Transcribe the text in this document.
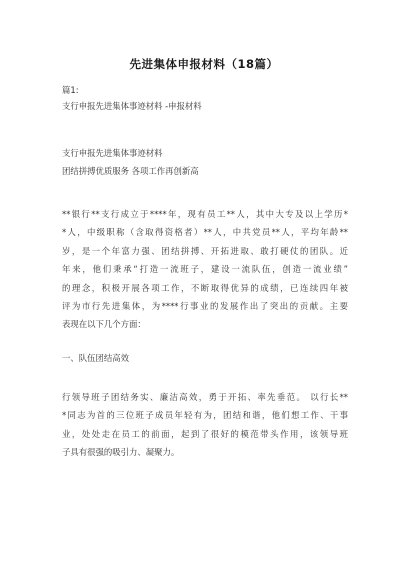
先进集体申报材料（18篇）
篇1:
支行申报先进集体事迹材料 -申报材料
支行申报先进集体事迹材料
团结拼搏优质服务 各项工作再创新高
**银行**支行成立于****年，现有员工**人，其中大专及以上学历*
*人，中级职称（含取得资格者）**人，中共党员**人，平均年龄**
岁，是一个年富力强、团结拼搏、开拓进取、敢打硬仗的团队。近
年来，他们秉承“打造一流班子，建设一流队伍，创造一流业绩”
的理念，积极开展各项工作，不断取得优异的成绩，已连续四年被
评为市行先进集体，为****行事业的发展作出了突出的贡献。主要
表现在以下几个方面：
一、队伍团结高效
行领导班子团结务实、廉洁高效，勇于开拓、率先垂范。 以行长**
*同志为首的三位班子成员年轻有为，团结和谐，他们想工作、干事
业，处处走在员工的前面，起到了很好的模范带头作用，该领导班
子具有很强的吸引力、凝聚力。
